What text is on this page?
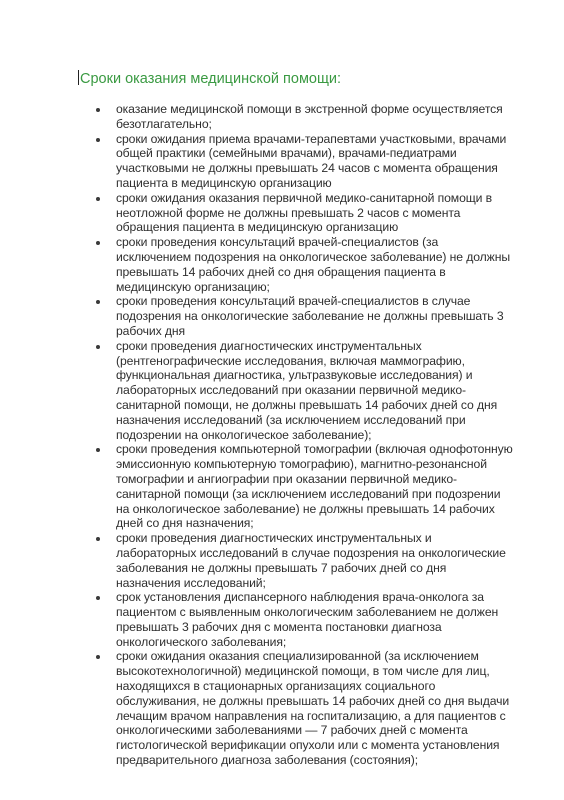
Сроки оказания медицинской помощи:
оказание медицинской помощи в экстренной форме осуществляется
безотлагательно;
сроки ожидания приема врачами-терапевтами участковыми, врачами
общей практики (семейными врачами), врачами-педиатрами
участковыми не должны превышать 24 часов с момента обращения
пациента в медицинскую организацию
сроки ожидания оказания первичной медико-санитарной помощи в
неотложной форме не должны превышать 2 часов с момента
обращения пациента в медицинскую организацию
сроки проведения консультаций врачей-специалистов (за
исключением подозрения на онкологическое заболевание) не должны
превышать 14 рабочих дней со дня обращения пациента в
медицинскую организацию;
сроки проведения консультаций врачей-специалистов в случае
подозрения на онкологические заболевание не должны превышать 3
рабочих дня
сроки проведения диагностических инструментальных
(рентгенографические исследования, включая маммографию,
функциональная диагностика, ультразвуковые исследования) и
лабораторных исследований при оказании первичной медико-
санитарной помощи, не должны превышать 14 рабочих дней со дня
назначения исследований (за исключением исследований при
подозрении на онкологическое заболевание);
сроки проведения компьютерной томографии (включая однофотонную
эмиссионную компьютерную томографию), магнитно-резонансной
томографии и ангиографии при оказании первичной медико-
санитарной помощи (за исключением исследований при подозрении
на онкологическое заболевание) не должны превышать 14 рабочих
дней со дня назначения;
сроки проведения диагностических инструментальных и
лабораторных исследований в случае подозрения на онкологические
заболевания не должны превышать 7 рабочих дней со дня
назначения исследований;
срок установления диспансерного наблюдения врача-онколога за
пациентом с выявленным онкологическим заболеванием не должен
превышать 3 рабочих дня с момента постановки диагноза
онкологического заболевания;
сроки ожидания оказания специализированной (за исключением
высокотехнологичной) медицинской помощи, в том числе для лиц,
находящихся в стационарных организациях социального
обслуживания, не должны превышать 14 рабочих дней со дня выдачи
лечащим врачом направления на госпитализацию, а для пациентов с
онкологическими заболеваниями — 7 рабочих дней с момента
гистологической верификации опухоли или с момента установления
предварительного диагноза заболевания (состояния);
